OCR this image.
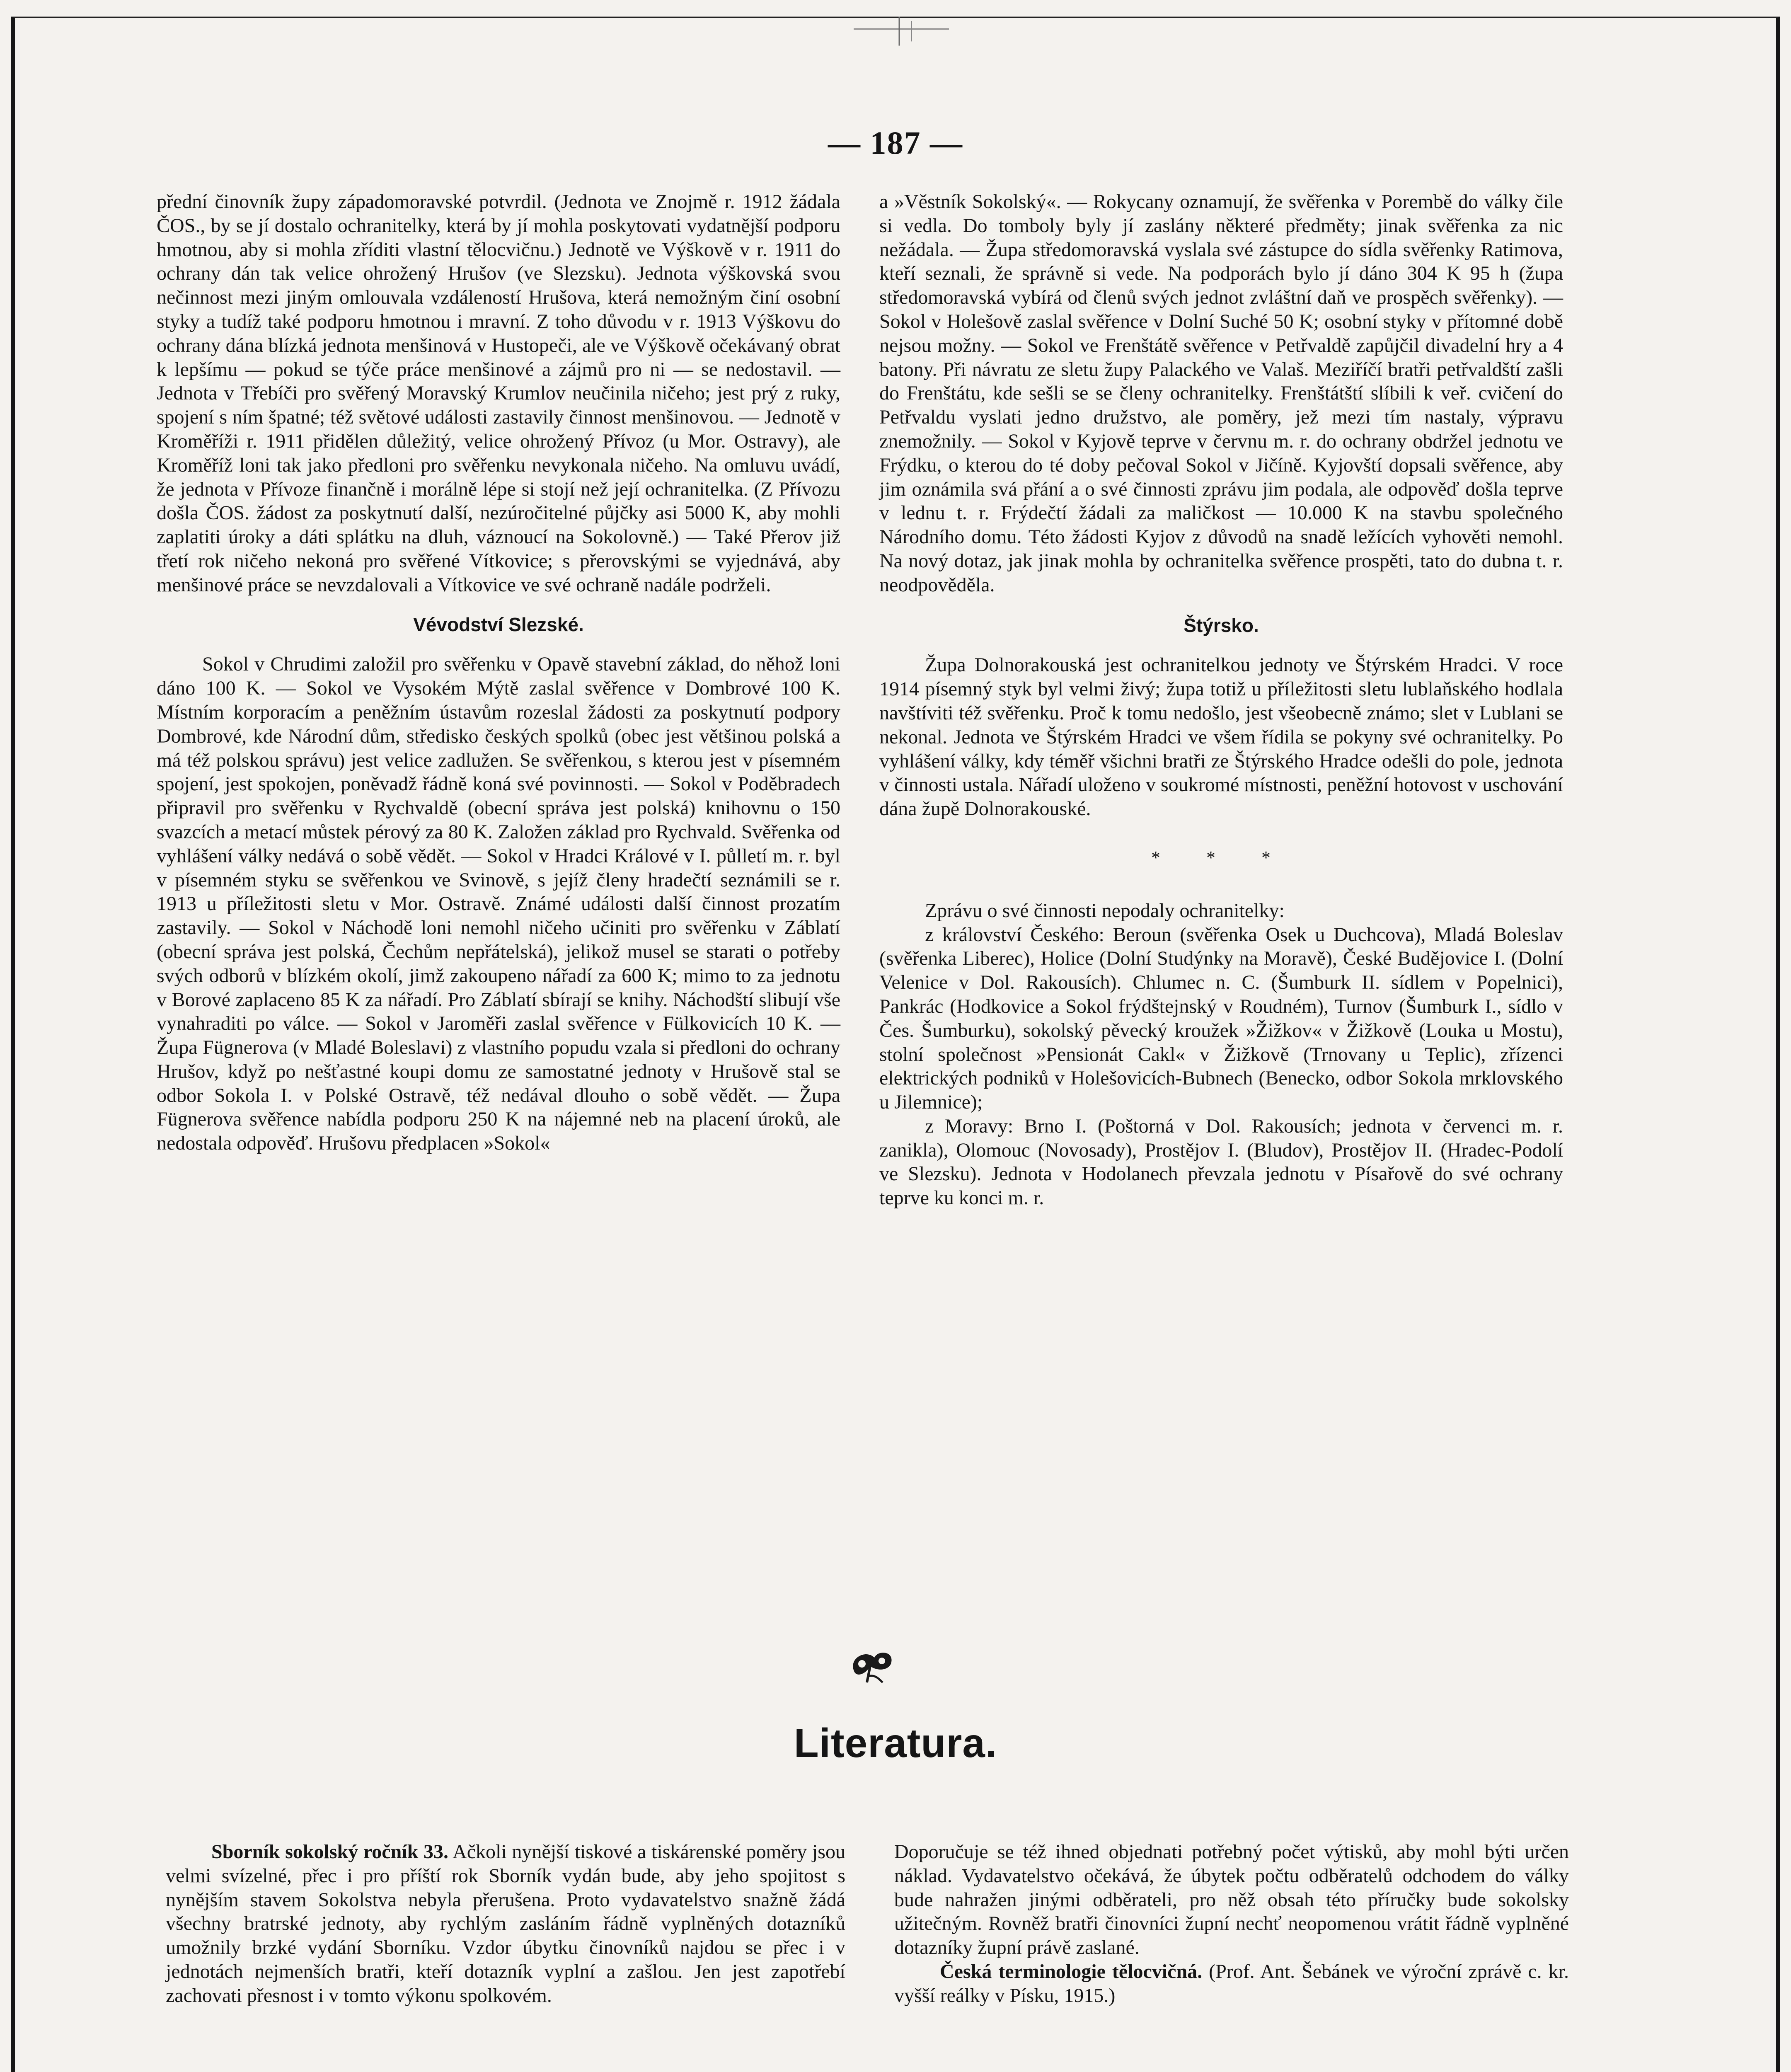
— 187 —

přední činovník župy západomoravské potvrdil. (Jednota ve Znojmě r. 1912 žádala ČOS., by se jí dostalo ochranitelky, která by jí mohla poskytovati vydatnější podporu hmotnou, aby si mohla zříditi vlastní tělocvičnu.) Jednotě ve Výškově v r. 1911 do ochrany dán tak velice ohrožený Hrušov (ve Slezsku). Jednota výškovská svou nečinnost mezi jiným omlouvala vzdáleností Hrušova, která nemožným činí osobní styky a tudíž také podporu hmotnou i mravní. Z toho důvodu v r. 1913 Výškovu do ochrany dána blízká jednota menšinová v Hustopeči, ale ve Výškově očekávaný obrat k lepšímu — pokud se týče práce menšinové a zájmů pro ni — se nedostavil. — Jednota v Třebíči pro svěřený Moravský Krumlov neučinila ničeho; jest prý z ruky, spojení s ním špatné; též světové události zastavily činnost menšinovou. — Jednotě v Kroměříži r. 1911 přidělen důležitý, velice ohrožený Přívoz (u Mor. Ostravy), ale Kroměříž loni tak jako předloni pro svěřenku nevykonala ničeho. Na omluvu uvádí, že jednota v Přívoze finančně i morálně lépe si stojí než její ochranitelka. (Z Přívozu došla ČOS. žádost za poskytnutí další, nezúročitelné půjčky asi 5000 K, aby mohli zaplatiti úroky a dáti splátku na dluh, váznoucí na Sokolovně.) — Také Přerov již třetí rok ničeho nekoná pro svěřené Vítkovice; s přerovskými se vyjednává, aby menšinové práce se nevzdalovali a Vítkovice ve své ochraně nadále podrželi.

Vévodství Slezské.

Sokol v Chrudimi založil pro svěřenku v Opavě stavební základ, do něhož loni dáno 100 K. — Sokol ve Vysokém Mýtě zaslal svěřence v Dombrové 100 K. Místním korporacím a peněžním ústavům rozeslal žádosti za poskytnutí podpory Dombrové, kde Národní dům, středisko českých spolků (obec jest většinou polská a má též polskou správu) jest velice zadlužen. Se svěřenkou, s kterou jest v písemném spojení, jest spokojen, poněvadž řádně koná své povinnosti. — Sokol v Poděbradech připravil pro svěřenku v Rychvaldě (obecní správa jest polská) knihovnu o 150 svazcích a metací můstek pérový za 80 K. Založen základ pro Rychvald. Svěřenka od vyhlášení války nedává o sobě vědět. — Sokol v Hradci Králové v I. půlletí m. r. byl v písemném styku se svěřenkou ve Svinově, s jejíž členy hradečtí seznámili se r. 1913 u příležitosti sletu v Mor. Ostravě. Známé události další činnost prozatím zastavily. — Sokol v Náchodě loni nemohl ničeho učiniti pro svěřenku v Záblatí (obecní správa jest polská, Čechům nepřátelská), jelikož musel se starati o potřeby svých odborů v blízkém okolí, jimž zakoupeno nářadí za 600 K; mimo to za jednotu v Borové zaplaceno 85 K za nářadí. Pro Záblatí sbírají se knihy. Náchodští slibují vše vynahraditi po válce. — Sokol v Jaroměři zaslal svěřence v Fülkovicích 10 K. — Župa Fügnerova (v Mladé Boleslavi) z vlastního popudu vzala si předloni do ochrany Hrušov, když po nešťastné koupi domu ze samostatné jednoty v Hrušově stal se odbor Sokola I. v Polské Ostravě, též nedával dlouho o sobě vědět. — Župa Fügnerova svěřence nabídla podporu 250 K na nájemné neb na placení úroků, ale nedostala odpověď. Hrušovu předplacen »Sokol«

a »Věstník Sokolský«. — Rokycany oznamují, že svěřenka v Porembě do války čile si vedla. Do tomboly byly jí zaslány některé předměty; jinak svěřenka za nic nežádala. — Župa středomoravská vyslala své zástupce do sídla svěřenky Ratimova, kteří seznali, že správně si vede. Na podporách bylo jí dáno 304 K 95 h (župa středomoravská vybírá od členů svých jednot zvláštní daň ve prospěch svěřenky). — Sokol v Holešově zaslal svěřence v Dolní Suché 50 K; osobní styky v přítomné době nejsou možny. — Sokol ve Frenštátě svěřence v Petřvaldě zapůjčil divadelní hry a 4 batony. Při návratu ze sletu župy Palackého ve Valaš. Meziříčí bratři petřvaldští zašli do Frenštátu, kde sešli se se členy ochranitelky. Frenštátští slíbili k veř. cvičení do Petřvaldu vyslati jedno družstvo, ale poměry, jež mezi tím nastaly, výpravu znemožnily. — Sokol v Kyjově teprve v červnu m. r. do ochrany obdržel jednotu ve Frýdku, o kterou do té doby pečoval Sokol v Jičíně. Kyjovští dopsali svěřence, aby jim oznámila svá přání a o své činnosti zprávu jim podala, ale odpověď došla teprve v lednu t. r. Frýdečtí žádali za maličkost — 10.000 K na stavbu společného Národního domu. Této žádosti Kyjov z důvodů na snadě ležících vyhověti nemohl. Na nový dotaz, jak jinak mohla by ochranitelka svěřence prospěti, tato do dubna t. r. neodpověděla.

Štýrsko.

Župa Dolnorakouská jest ochranitelkou jednoty ve Štýrském Hradci. V roce 1914 písemný styk byl velmi živý; župa totiž u příležitosti sletu lublaňského hodlala navštíviti též svěřenku. Proč k tomu nedošlo, jest všeobecně známo; slet v Lublani se nekonal. Jednota ve Štýrském Hradci ve všem řídila se pokyny své ochranitelky. Po vyhlášení války, kdy téměř všichni bratři ze Štýrského Hradce odešli do pole, jednota v činnosti ustala. Nářadí uloženo v soukromé místnosti, peněžní hotovost v uschování dána župě Dolnorakouské.

* * *

Zprávu o své činnosti nepodaly ochranitelky:

z království Českého: Beroun (svěřenka Osek u Duchcova), Mladá Boleslav (svěřenka Liberec), Holice (Dolní Studýnky na Moravě), České Budějovice I. (Dolní Velenice v Dol. Rakousích). Chlumec n. C. (Šumburk II. sídlem v Popelnici), Pankrác (Hodkovice a Sokol frýdštejnský v Roudném), Turnov (Šumburk I., sídlo v Čes. Šumburku), sokolský pěvecký kroužek »Žižkov« v Žižkově (Louka u Mostu), stolní společnost »Pensionát Cakl« v Žižkově (Trnovany u Teplic), zřízenci elektrických podniků v Holešovicích-Bubnech (Benecko, odbor Sokola mrklovského u Jilemnice);

z Moravy: Brno I. (Poštorná v Dol. Rakousích; jednota v červenci m. r. zanikla), Olomouc (Novosady), Prostějov I. (Bludov), Prostějov II. (Hradec-Podolí ve Slezsku). Jednota v Hodolanech převzala jednotu v Písařově do své ochrany teprve ku konci m. r.

Literatura.

Sborník sokolský ročník 33. Ačkoli nynější tiskové a tiskárenské poměry jsou velmi svízelné, přec i pro příští rok Sborník vydán bude, aby jeho spojitost s nynějším stavem Sokolstva nebyla přerušena. Proto vydavatelstvo snažně žádá všechny bratrské jednoty, aby rychlým zasláním řádně vyplněných dotazníků umožnily brzké vydání Sborníku. Vzdor úbytku činovníků najdou se přec i v jednotách nejmenších bratři, kteří dotazník vyplní a zašlou. Jen jest zapotřebí zachovati přesnost i v tomto výkonu spolkovém.

Doporučuje se též ihned objednati potřebný počet výtisků, aby mohl býti určen náklad. Vydavatelstvo očekává, že úbytek počtu odběratelů odchodem do války bude nahražen jinými odběrateli, pro něž obsah této příručky bude sokolsky užitečným. Rovněž bratři činovníci župní nechť neopomenou vrátit řádně vyplněné dotazníky župní právě zaslané.

Česká terminologie tělocvičná. (Prof. Ant. Šebánek ve výroční zprávě c. kr. vyšší reálky v Písku, 1915.)
